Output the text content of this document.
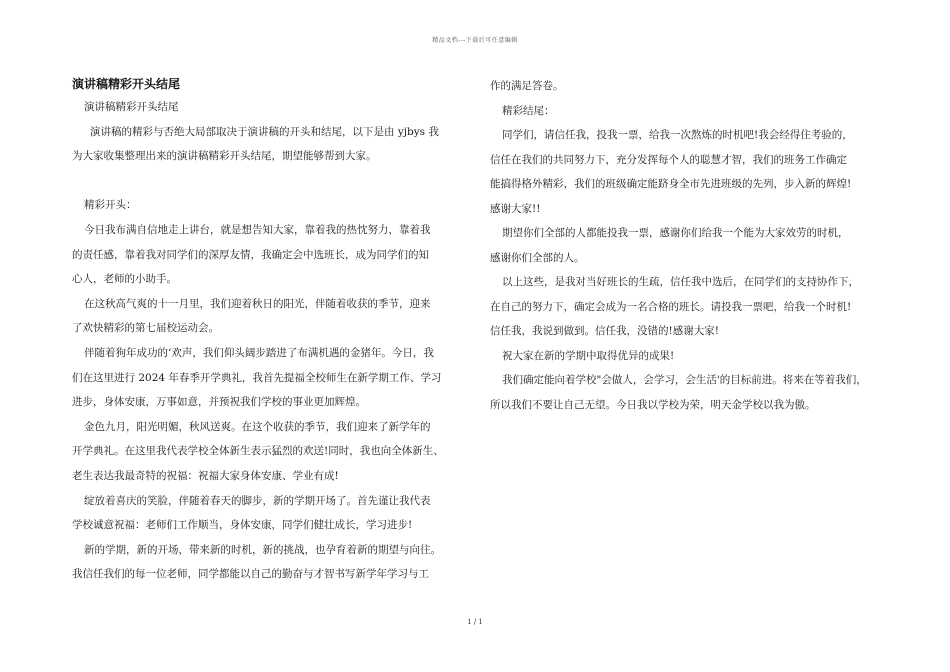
精品文档---下载后可任意编辑
演讲稿精彩开头结尾
演讲稿精彩开头结尾
演讲稿的精彩与否绝大局部取决于演讲稿的开头和结尾，以下是由 yjbys 我
为大家收集整理出来的演讲稿精彩开头结尾，期望能够帮到大家。
精彩开头：
今日我布满自信地走上讲台，就是想告知大家，靠着我的热忱努力，靠着我
的责任感，靠着我对同学们的深厚友情，我确定会中选班长，成为同学们的知
心人，老师的小助手。
在这秋高气爽的十一月里，我们迎着秋日的阳光，伴随着收获的季节，迎来
了欢快精彩的第七届校运动会。
伴随着狗年成功的‘欢声，我们仰头阔步踏进了布满机遇的金猪年。今日，我
们在这里进行 2024 年春季开学典礼，我首先提福全校师生在新学期工作、学习
进步，身体安康，万事如意，并预祝我们学校的事业更加辉煌。
金色九月，阳光明媚，秋风送爽。在这个收获的季节，我们迎来了新学年的
开学典礼。在这里我代表学校全体新生表示猛烈的欢送!同时，我也向全体新生、
老生表达我最奇特的祝福：祝福大家身体安康、学业有成!
绽放着喜庆的笑脸，伴随着春天的脚步，新的学期开场了。首先谨让我代表
学校诚意祝福：老师们工作顺当，身体安康，同学们健壮成长，学习进步!
新的学期，新的开场，带来新的时机，新的挑战，也孕育着新的期望与向往。
我信任我们的每一位老师，同学都能以自己的勤奋与才智书写新学年学习与工
作的满足答卷。
精彩结尾：
同学们，请信任我，投我一票，给我一次熬炼的时机吧!我会经得住考验的，
信任在我们的共同努力下，充分发挥每个人的聪慧才智，我们的班务工作确定
能搞得格外精彩，我们的班级确定能跻身全市先进班级的先列，步入新的辉煌!
感谢大家!!
期望你们全部的人都能投我一票，感谢你们给我一个能为大家效劳的时机，
感谢你们全部的人。
以上这些，是我对当好班长的生疏，信任我中选后，在同学们的支持协作下，
在自己的努力下，确定会成为一名合格的班长。请投我一票吧，给我一个时机!
信任我，我说到做到。信任我，没错的!感谢大家!
祝大家在新的学期中取得优异的成果!
我们确定能向着学校"会做人，会学习，会生活'的目标前进。将来在等着我们，
所以我们不要让自己无望。今日我以学校为荣，明天金学校以我为傲。
1 / 1
